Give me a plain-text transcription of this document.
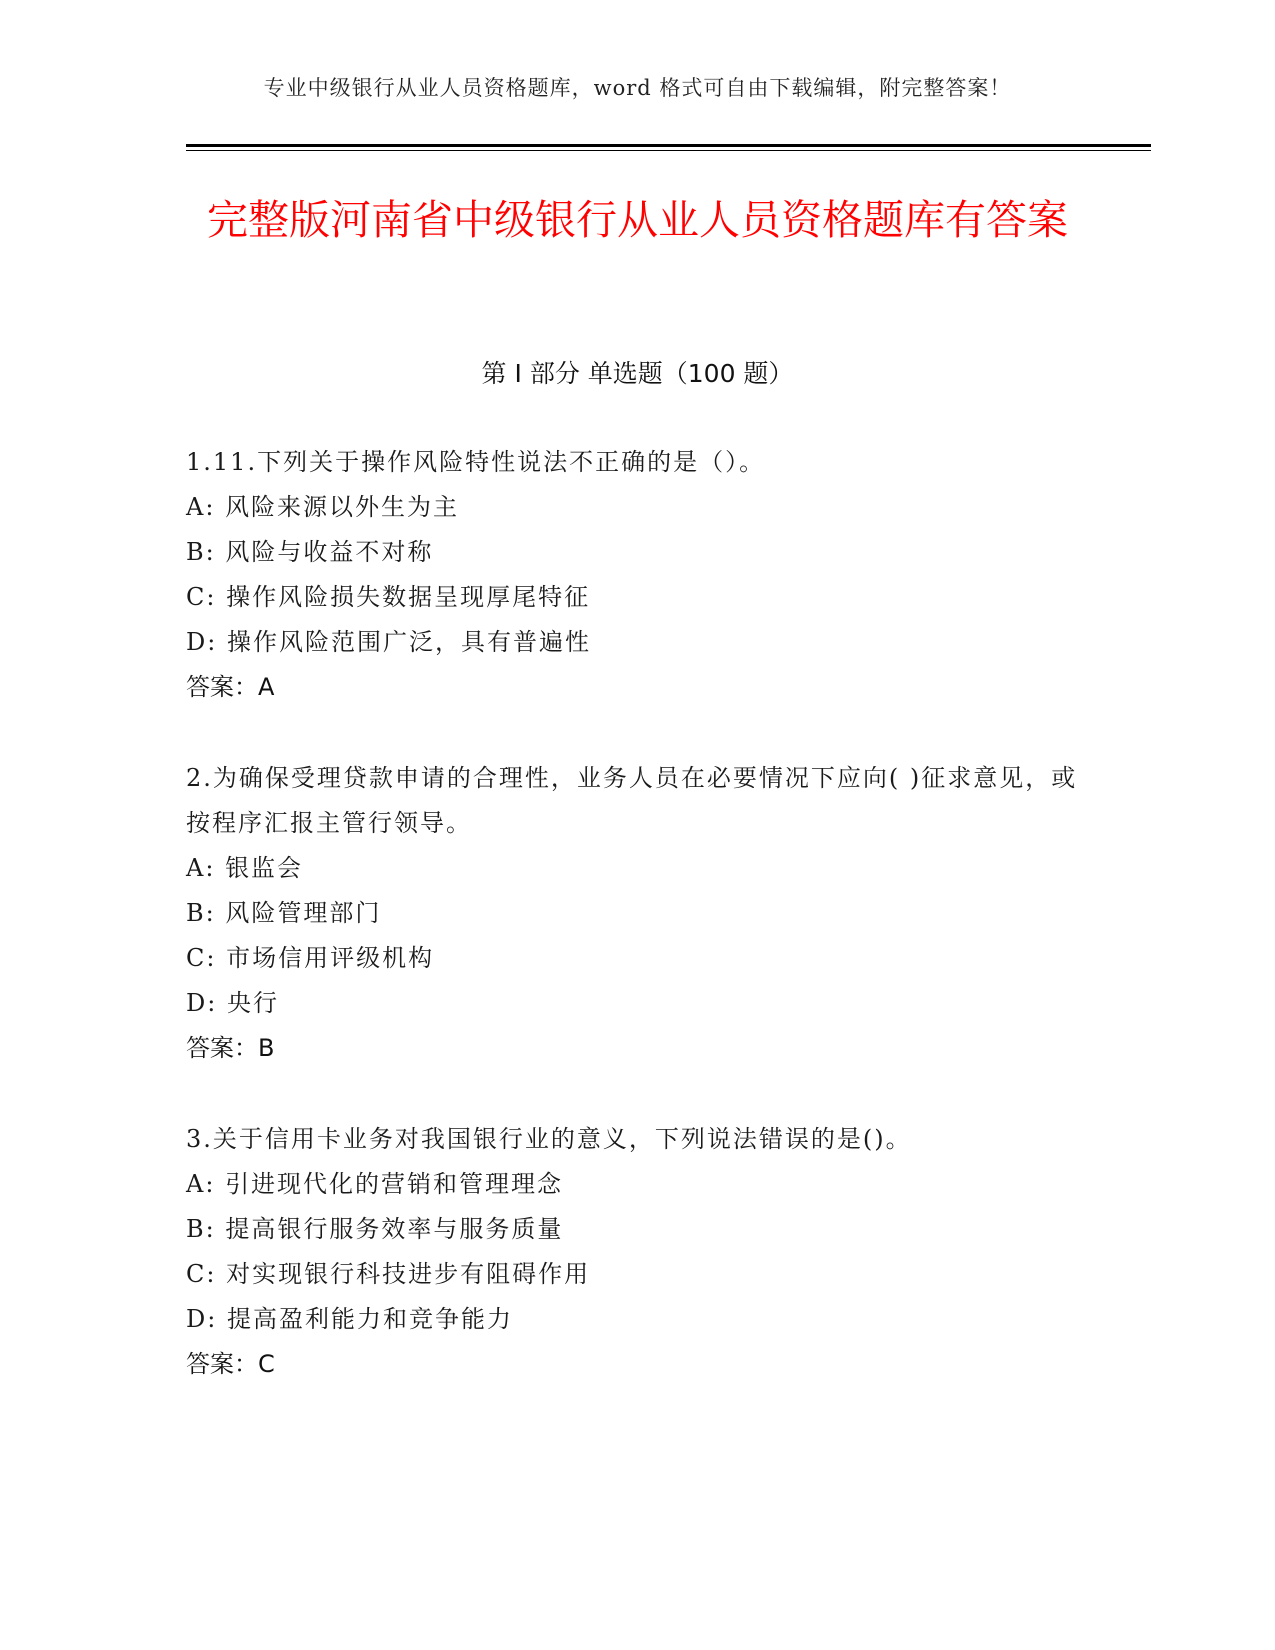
专业中级银行从业人员资格题库，word 格式可自由下载编辑，附完整答案！
完整版河南省中级银行从业人员资格题库有答案
第 I 部分 单选题（100 题）
1.11.下列关于操作风险特性说法不正确的是（）。
A: 风险来源以外生为主
B: 风险与收益不对称
C: 操作风险损失数据呈现厚尾特征
D: 操作风险范围广泛，具有普遍性
答案：A
2.为确保受理贷款申请的合理性，业务人员在必要情况下应向( )征求意见，或按程序汇报主管行领导。
A: 银监会
B: 风险管理部门
C: 市场信用评级机构
D: 央行
答案：B
3.关于信用卡业务对我国银行业的意义，下列说法错误的是()。
A: 引进现代化的营销和管理理念
B: 提高银行服务效率与服务质量
C: 对实现银行科技进步有阻碍作用
D: 提高盈利能力和竞争能力
答案：C
